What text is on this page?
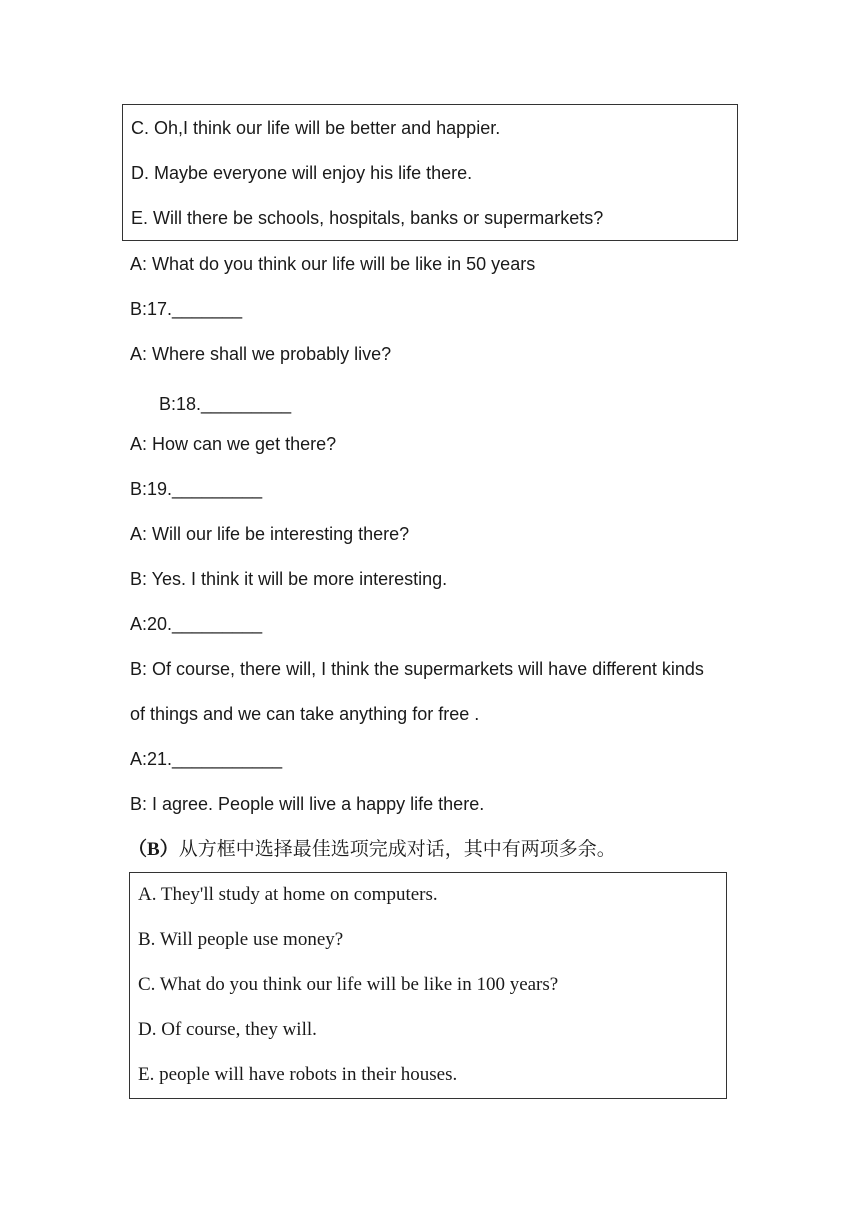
C. Oh,I think our life will be better and happier.
D. Maybe everyone will enjoy his life there.
E. Will there be schools, hospitals, banks or supermarkets?
A: What do you think our life will be like in 50 years
B:17._______
A: Where shall we probably live?
B:18._________
A: How can we get there?
B:19._________
A: Will our life be interesting there?
B: Yes. I think it will be more interesting.
A:20._________
B: Of course, there will, I think the supermarkets will have different kinds
of things and we can take anything for free .
A:21.___________
B: I agree. People will live a happy life there.
（B）从方框中选择最佳选项完成对话，其中有两项多余。
A. They'll study at home on computers.
B. Will people use money?
C. What do you think our life will be like in 100 years?
D. Of course, they will.
E. people will have robots in their houses.
